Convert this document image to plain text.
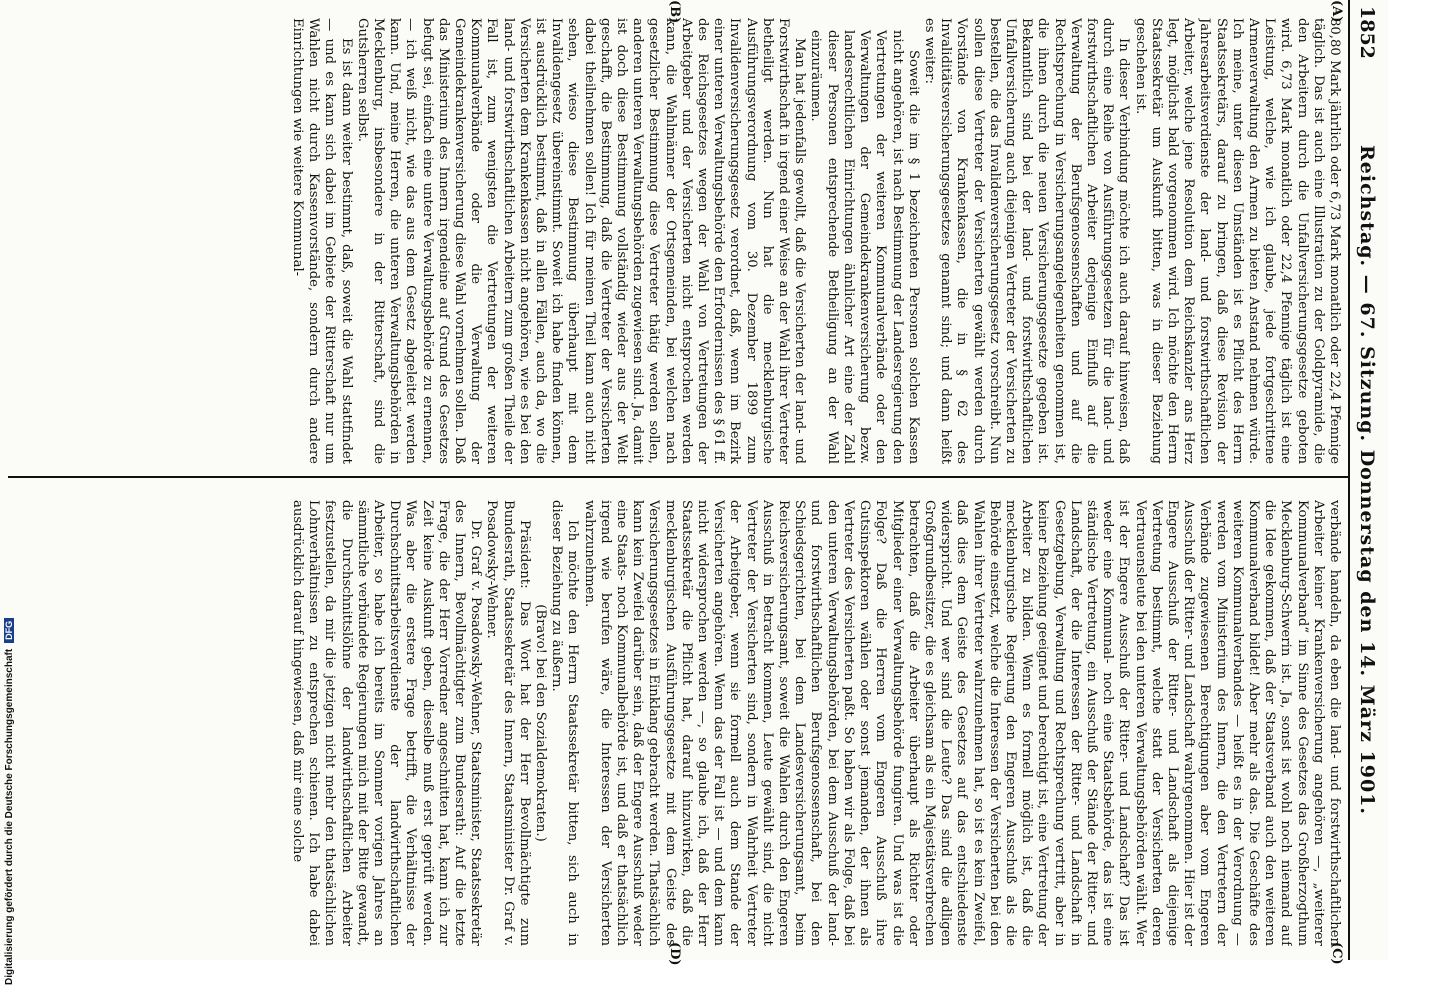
1852
Reichstag. — 67. Sitzung. Donnerstag den 14. März 1901.
(A)
(B)
(C)
(D)

80,80 Mark jährlich oder 6,73 Mark monatlich oder 22,4 Pfennige täglich. Das ist auch eine Illustration zu der Goldpyramide, die den Arbeitern durch die Unfallversicherungsgesetze geboten wird. 6,73 Mark monatlich oder 22,4 Pfennige täglich ist eine Leistung, welche, wie ich glaube, jede fortgeschrittene Armenverwaltung den Armen zu bieten Anstand nehmen würde. Ich meine, unter diesen Umständen ist es Pflicht des Herrn Staatssekretärs, darauf zu bringen, daß diese Revision der Jahresarbeitsverdienste der land- und forstwirthschaftlichen Arbeiter, welche jene Resolution dem Reichskanzler ans Herz legt, möglichst bald vorgenommen wird. Ich möchte den Herrn Staatssekretär um Auskunft bitten, was in dieser Beziehung geschehen ist.

In dieser Verbindung möchte ich auch darauf hinweisen, daß durch eine Reihe von Ausführungsgesetzen für die land- und forstwirthschaftlichen Arbeiter derjenige Einfluß auf die Verwaltung der Berufsgenossenschaften und auf die Rechtsprechung in Versicherungsangelegenheiten genommen ist, die ihnen durch die neuen Versicherungsgesetze gegeben ist. Bekanntlich sind bei der land- und forstwirthschaftlichen Unfallversicherung auch diejenigen Vertreter der Versicherten zu bestellen, die das Invalidenversicherungsgesetz vorschreibt. Nun sollen diese Vertreter der Versicherten gewählt werden durch Vorstände von Krankenkassen, die in § 62 des Invaliditätsversicherungsgesetzes genannt sind; und dann heißt es weiter:

Soweit die im § 1 bezeichneten Personen solchen Kassen nicht angehören, ist nach Bestimmung der Landesregierung den Vertretungen der weiteren Kommunalverbände oder den Verwaltungen der Gemeindekrankenversicherung bezw. landesrechtlichen Einrichtungen ähnlicher Art eine der Zahl dieser Personen entsprechende Betheiligung an der Wahl einzuräumen.

Man hat jedenfalls gewollt, daß die Versicherten der land- und Forstwirthschaft in irgend einer Weise an der Wahl ihrer Vertreter betheiligt werden. Nun hat die mecklenburgische Ausführungsverordnung vom 30. Dezember 1899 zum Invalidenversicherungsgesetz verordnet, daß, wenn im Bezirk einer unteren Verwaltungsbehörde den Erfordernissen des § 61 ff. des Reichsgesetzes wegen der Wahl von Vertretungen der Arbeitgeber und der Versicherten nicht entsprochen werden kann, die Wahlmänner der Ortsgemeinden, bei welchen nach gesetzlicher Bestimmung diese Vertreter thätig werden sollen, anderen unteren Verwaltungsbehörden zugewiesen sind. Ja, damit ist doch diese Bestimmung vollständig wieder aus der Welt geschafft, die Bestimmung, daß die Vertreter der Versicherten dabei theilnehmen sollen! Ich für meinen Theil kann auch nicht sehen, wieso diese Bestimmung überhaupt mit dem Invalidengesetz übereinstimmt. Soweit ich habe finden können, ist ausdrücklich bestimmt, daß in allen Fällen, auch da, wo die Versicherten dem Krankenkassen nicht angehören, wie es bei den land- und forstwirthschaftlichen Arbeitern zum großen Theile der Fall ist, zum wenigsten die Vertretungen der weiteren Kommunalverbände oder die Verwaltung der Gemeindekrankenversicherung diese Wahl vornehmen sollen. Daß das Ministerium des Innern irgendeine auf Grund des Gesetzes befugt sei, einfach eine untere Verwaltungsbehörde zu ernennen, — ich weiß nicht, wie das aus dem Gesetz abgeleitet werden kann. Und, meine Herren, die unteren Verwaltungsbehörden in Mecklenburg, insbesondere in der Ritterschaft, sind die Gutsherren selbst.

Es ist dann weiter bestimmt, daß, soweit die Wahl stattfindet — und es kann sich dabei im Gebiete der Ritterschaft nur um Wahlen nicht durch Kassenvorstände, sondern durch andere Einrichtungen wie weitere Kommunal-

verbände handeln, da eben die land- und forstwirthschaftlichen Arbeiter keiner Krankenversicherung angehören —, „weiterer Kommunalverband“ im Sinne des Gesetzes das Großherzogthum Mecklenburg-Schwerin ist. Ja, sonst ist wohl noch niemand auf die Idee gekommen, daß der Staatsverband auch den weiteren Kommunalverband bildet! Aber mehr als das. Die Geschäfte des weiteren Kommunalverbandes — heißt es in der Verordnung — werden vom Ministerium des Innern, die den Vertretern der Verbände zugewiesenen Berechtigungen aber vom Engeren Ausschuß der Ritter- und Landschaft wahrgenommen. Hier ist der Engere Ausschuß der Ritter- und Landschaft als diejenige Vertretung bestimmt, welche statt der Versicherten deren Vertrauensleute bei den unteren Verwaltungsbehörden wählt. Wer ist der Engere Ausschuß der Ritter- und Landschaft? Das ist weder eine Kommunal- noch eine Staatsbehörde, das ist eine ständische Vertretung, ein Ausschuß der Stände der Ritter- und Landschaft, der die Interessen der Ritter- und Landschaft in Gesetzgebung, Verwaltung und Rechtsprechung vertritt, aber in keiner Beziehung geeignet und berechtigt ist, eine Vertretung der Arbeiter zu bilden. Wenn es formell möglich ist, daß die mecklenburgische Regierung den Engeren Ausschuß als die Behörde einsetzt, welche die Interessen der Versicherten bei den Wahlen ihrer Vertreter wahrzunehmen hat, so ist es kein Zweifel, daß dies dem Geiste des Gesetzes auf das entschiedenste widerspricht. Und wer sind die Leute? Das sind die adligen Großgrundbesitzer, die es gleichsam als ein Majestätsverbrechen betrachten, daß die Arbeiter überhaupt als Richter oder Mitglieder einer Verwaltungsbehörde fungiren. Und was ist die Folge? Daß die Herren vom Engeren Ausschuß ihre Gutsinspektoren wählen oder sonst jemanden, der ihnen als Vertreter des Versicherten paßt. So haben wir als Folge, daß bei den unteren Verwaltungsbehörden, bei dem Ausschuß der land- und forstwirthschaftlichen Berufsgenossenschaft, bei den Schiedsgerichten, bei dem Landesversicherungsamt, beim Reichsversicherungsamt, soweit die Wahlen durch den Engeren Ausschuß in Betracht kommen, Leute gewählt sind, die nicht Vertreter der Versicherten sind, sondern in Wahrheit Vertreter der Arbeitgeber, wenn sie formell auch dem Stande der Versicherten angehören. Wenn das der Fall ist — und dem kann nicht widersprochen werden —, so glaube ich, daß der Herr Staatssekretär die Pflicht hat, darauf hinzuwirken, daß die mecklenburgischen Ausführungsgesetze mit dem Geiste des Versicherungsgesetzes in Einklang gebracht werden. Thatsächlich kann kein Zweifel darüber sein, daß der Engere Ausschuß weder eine Staats- noch Kommunalbehörde ist, und daß er thatsächlich irgend wie berufen wäre, die Interessen der Versicherten wahrzunehmen.

Ich möchte den Herrn Staatssekretär bitten, sich auch in dieser Beziehung zu äußern.

(Bravo! bei den Sozialdemokraten.)

Präsident: Das Wort hat der Herr Bevollmächtigte zum Bundesrath, Staatssekretär des Innern, Staatsminister Dr. Graf v. Posadowsky-Wehner.

Dr. Graf v. Posadowsky-Wehner, Staatsminister, Staatssekretär des Innern, Bevollmächtigter zum Bundesrath: Auf die letzte Frage, die der Herr Vorredner angeschnitten hat, kann ich zur Zeit keine Auskunft geben, dieselbe muß erst geprüft werden. Was aber die erstere Frage betrifft, die Verhältnisse der Durchschnittsarbeitsverdienste der landwirthschaftlichen Arbeiter, so habe ich bereits im Sommer vorigen Jahres an sämmtliche verbündete Regierungen mich mit der Bitte gewandt, die Durchschnittslöhne der landwirthschaftlichen Arbeiter festzustellen, da mir die jetzigen nicht mehr den thatsächlichen Lohnverhältnissen zu entsprechen schienen. Ich habe dabei ausdrücklich darauf hingewiesen, daß mir eine solche

Digitalisierung gefördert durch die Deutsche ForschungsgemeinschaftDFG
